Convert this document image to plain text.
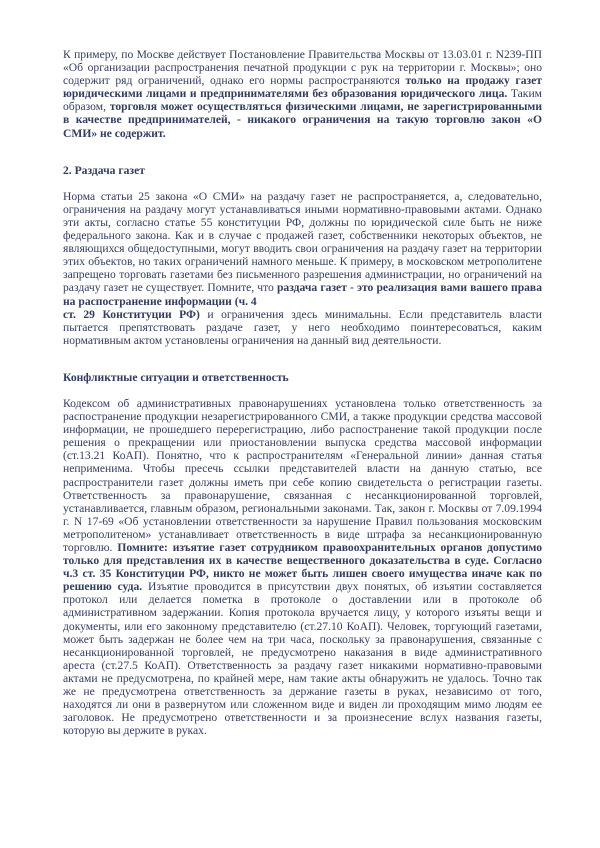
К примеру, по Москве действует Постановление Правительства Москвы от 13.03.01 г. N239-ПП «Об организации распространения печатной продукции с рук на территории г. Москвы»; оно содержит ряд ограничений, однако его нормы распространяются только на продажу газет юридическими лицами и предпринимателями без образования юридического лица. Таким образом, торговля может осуществляться физическими лицами, не зарегистрированными в качестве предпринимателей, - никакого ограничения на такую торговлю закон «О СМИ» не содержит.

2. Раздача газет

Норма статьи 25 закона «О СМИ» на раздачу газет не распространяется, а, следовательно, ограничения на раздачу могут устанавливаться иными нормативно-правовыми актами. Однако эти акты, согласно статье 55 конституции РФ, должны по юридической силе быть не ниже федерального закона. Как и в случае с продажей газет, собственники некоторых объектов, не являющихся общедоступными, могут вводить свои ограничения на раздачу газет на территории этих объектов, но таких ограничений намного меньше. К примеру, в московском метрополитене запрещено торговать газетами без письменного разрешения администрации, но ограничений на раздачу газет не существует. Помните, что раздача газет - это реализация вами вашего права на распостранение информации (ч. 4
ст. 29 Конституции РФ) и ограничения здесь минимальны. Если представитель власти пытается препятствовать раздаче газет, у него необходимо поинтересоваться, каким нормативным актом установлены ограничения на данный вид деятельности.

Конфликтные ситуации и ответственность

Кодексом об административных правонарушениях установлена только ответственность за распостранение продукции незарегистрированного СМИ, а также продукции средства массовой информации, не прошедшего перерегистрацию, либо распостранение такой продукции после решения о прекращении или приостановлении выпуска средства массовой информации (ст.13.21 КоАП). Понятно, что к распространителям «Генеральной линии» данная статья неприменима. Чтобы пресечь ссылки представителей власти на данную статью, все распространители газет должны иметь при себе копию свидетельста о регистрации газеты. Ответственность за правонарушение, связанная с несанкционированной торговлей, устанавливается, главным образом, региональными законами. Так, закон г. Москвы от 7.09.1994 г. N 17-69 «Об установлении ответственности за нарушение Правил пользования московским метрополитеном» устанавливает ответственность в виде штрафа за несанкционированную торговлю. Помните: изъятие газет сотрудником правоохранительных органов допустимо только для представления их в качестве вещественного доказательства в суде. Согласно ч.3 ст. 35 Конституции РФ, никто не может быть лишен своего имущества иначе как по решению суда. Изъятие проводится в присутствии двух понятых, об изъятии составляется протокол или делается пометка в протоколе о доставлении или в протоколе об административном задержании. Копия протокола вручается лицу, у которого изъяты вещи и документы, или его законному представителю (ст.27.10 КоАП). Человек, торгующий газетами, может быть задержан не более чем на три часа, поскольку за правонарушения, связанные с несанкционированной торговлей, не предусмотрено наказания в виде административного ареста (ст.27.5 КоАП). Ответственность за раздачу газет никакими нормативно-правовыми актами не предусмотрена, по крайней мере, нам такие акты обнаружить не удалось. Точно так же не предусмотрена ответственность за держание газеты в руках, независимо от того, находятся ли они в развернутом или сложенном виде и виден ли проходящим мимо людям ее заголовок. Не предусмотрено ответственности и за произнесение вслух названия газеты, которую вы держите в руках.
